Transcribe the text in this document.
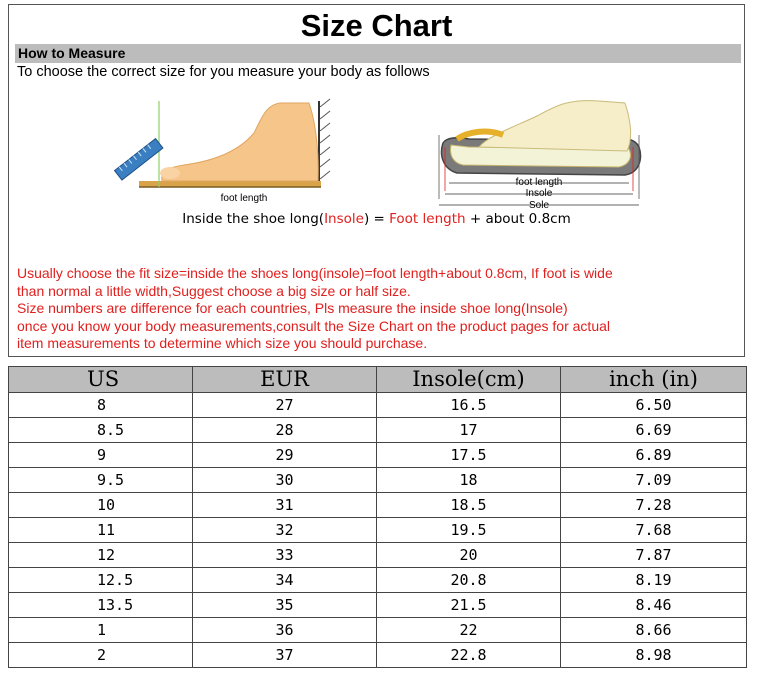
Size Chart
How to Measure
To choose the correct size for you measure your body as follows
foot length
foot length
Insole
Sole
Inside the shoe long(Insole) = Foot length + about 0.8cm
Usually choose the fit size=inside the shoes long(insole)=foot length+about 0.8cm, If foot is wide
than normal a little width,Suggest choose a big size or half size.
Size numbers are difference for each countries, Pls measure the inside shoe long(Insole)
once you know your body measurements,consult the Size Chart on the product pages for actual
item measurements to determine which size you should purchase.
US	EUR	Insole(cm)	inch (in)
8	27	16.5	6.50
8.5	28	17	6.69
9	29	17.5	6.89
9.5	30	18	7.09
10	31	18.5	7.28
11	32	19.5	7.68
12	33	20	7.87
12.5	34	20.8	8.19
13.5	35	21.5	8.46
1	36	22	8.66
2	37	22.8	8.98
